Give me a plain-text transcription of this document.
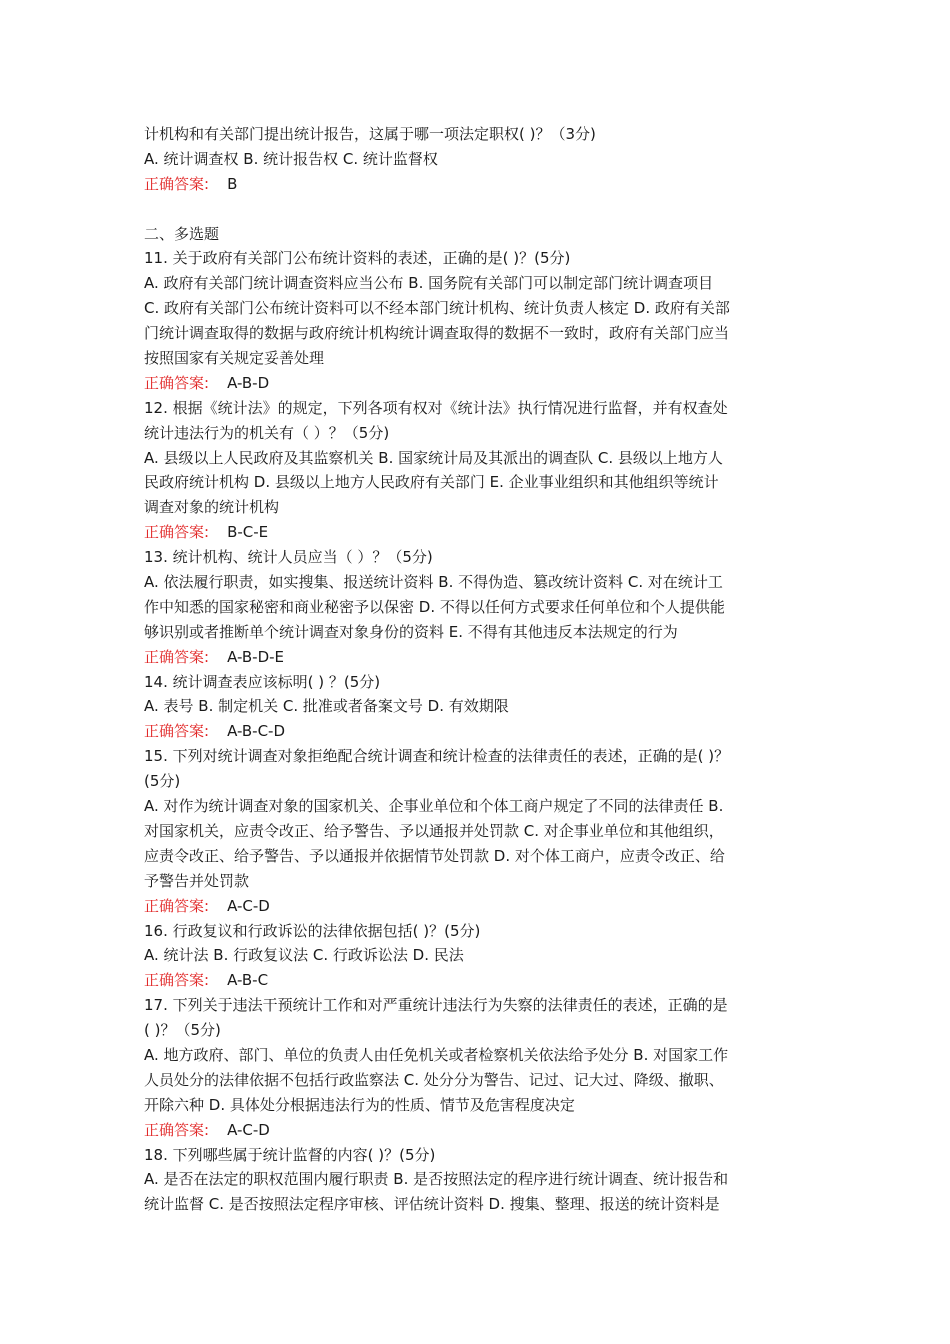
计机构和有关部门提出统计报告，这属于哪一项法定职权( )？（3分)
A. 统计调查权 B. 统计报告权 C. 统计监督权
正确答案: B
二、多选题
11. 关于政府有关部门公布统计资料的表述，正确的是( )？(5分)
A. 政府有关部门统计调查资料应当公布 B. 国务院有关部门可以制定部门统计调查项目
C. 政府有关部门公布统计资料可以不经本部门统计机构、统计负责人核定 D. 政府有关部
门统计调查取得的数据与政府统计机构统计调查取得的数据不一致时，政府有关部门应当
按照国家有关规定妥善处理
正确答案: A-B-D
12. 根据《统计法》的规定，下列各项有权对《统计法》执行情况进行监督，并有权查处
统计违法行为的机关有（ ）？（5分)
A. 县级以上人民政府及其监察机关 B. 国家统计局及其派出的调查队 C. 县级以上地方人
民政府统计机构 D. 县级以上地方人民政府有关部门 E. 企业事业组织和其他组织等统计
调查对象的统计机构
正确答案: B-C-E
13. 统计机构、统计人员应当（ ）？（5分)
A. 依法履行职责，如实搜集、报送统计资料 B. 不得伪造、篡改统计资料 C. 对在统计工
作中知悉的国家秘密和商业秘密予以保密 D. 不得以任何方式要求任何单位和个人提供能
够识别或者推断单个统计调查对象身份的资料 E. 不得有其他违反本法规定的行为
正确答案: A-B-D-E
14. 统计调查表应该标明( ) ？(5分)
A. 表号 B. 制定机关 C. 批准或者备案文号 D. 有效期限
正确答案: A-B-C-D
15. 下列对统计调查对象拒绝配合统计调查和统计检查的法律责任的表述，正确的是( )？
(5分)
A. 对作为统计调查对象的国家机关、企事业单位和个体工商户规定了不同的法律责任 B.
对国家机关，应责令改正、给予警告、予以通报并处罚款 C. 对企事业单位和其他组织，
应责令改正、给予警告、予以通报并依据情节处罚款 D. 对个体工商户，应责令改正、给
予警告并处罚款
正确答案: A-C-D
16. 行政复议和行政诉讼的法律依据包括( )？(5分)
A. 统计法 B. 行政复议法 C. 行政诉讼法 D. 民法
正确答案: A-B-C
17. 下列关于违法干预统计工作和对严重统计违法行为失察的法律责任的表述，正确的是
( )？（5分)
A. 地方政府、部门、单位的负责人由任免机关或者检察机关依法给予处分 B. 对国家工作
人员处分的法律依据不包括行政监察法 C. 处分分为警告、记过、记大过、降级、撤职、
开除六种 D. 具体处分根据违法行为的性质、情节及危害程度决定
正确答案: A-C-D
18. 下列哪些属于统计监督的内容( )？(5分)
A. 是否在法定的职权范围内履行职责 B. 是否按照法定的程序进行统计调查、统计报告和
统计监督 C. 是否按照法定程序审核、评估统计资料 D. 搜集、整理、报送的统计资料是
